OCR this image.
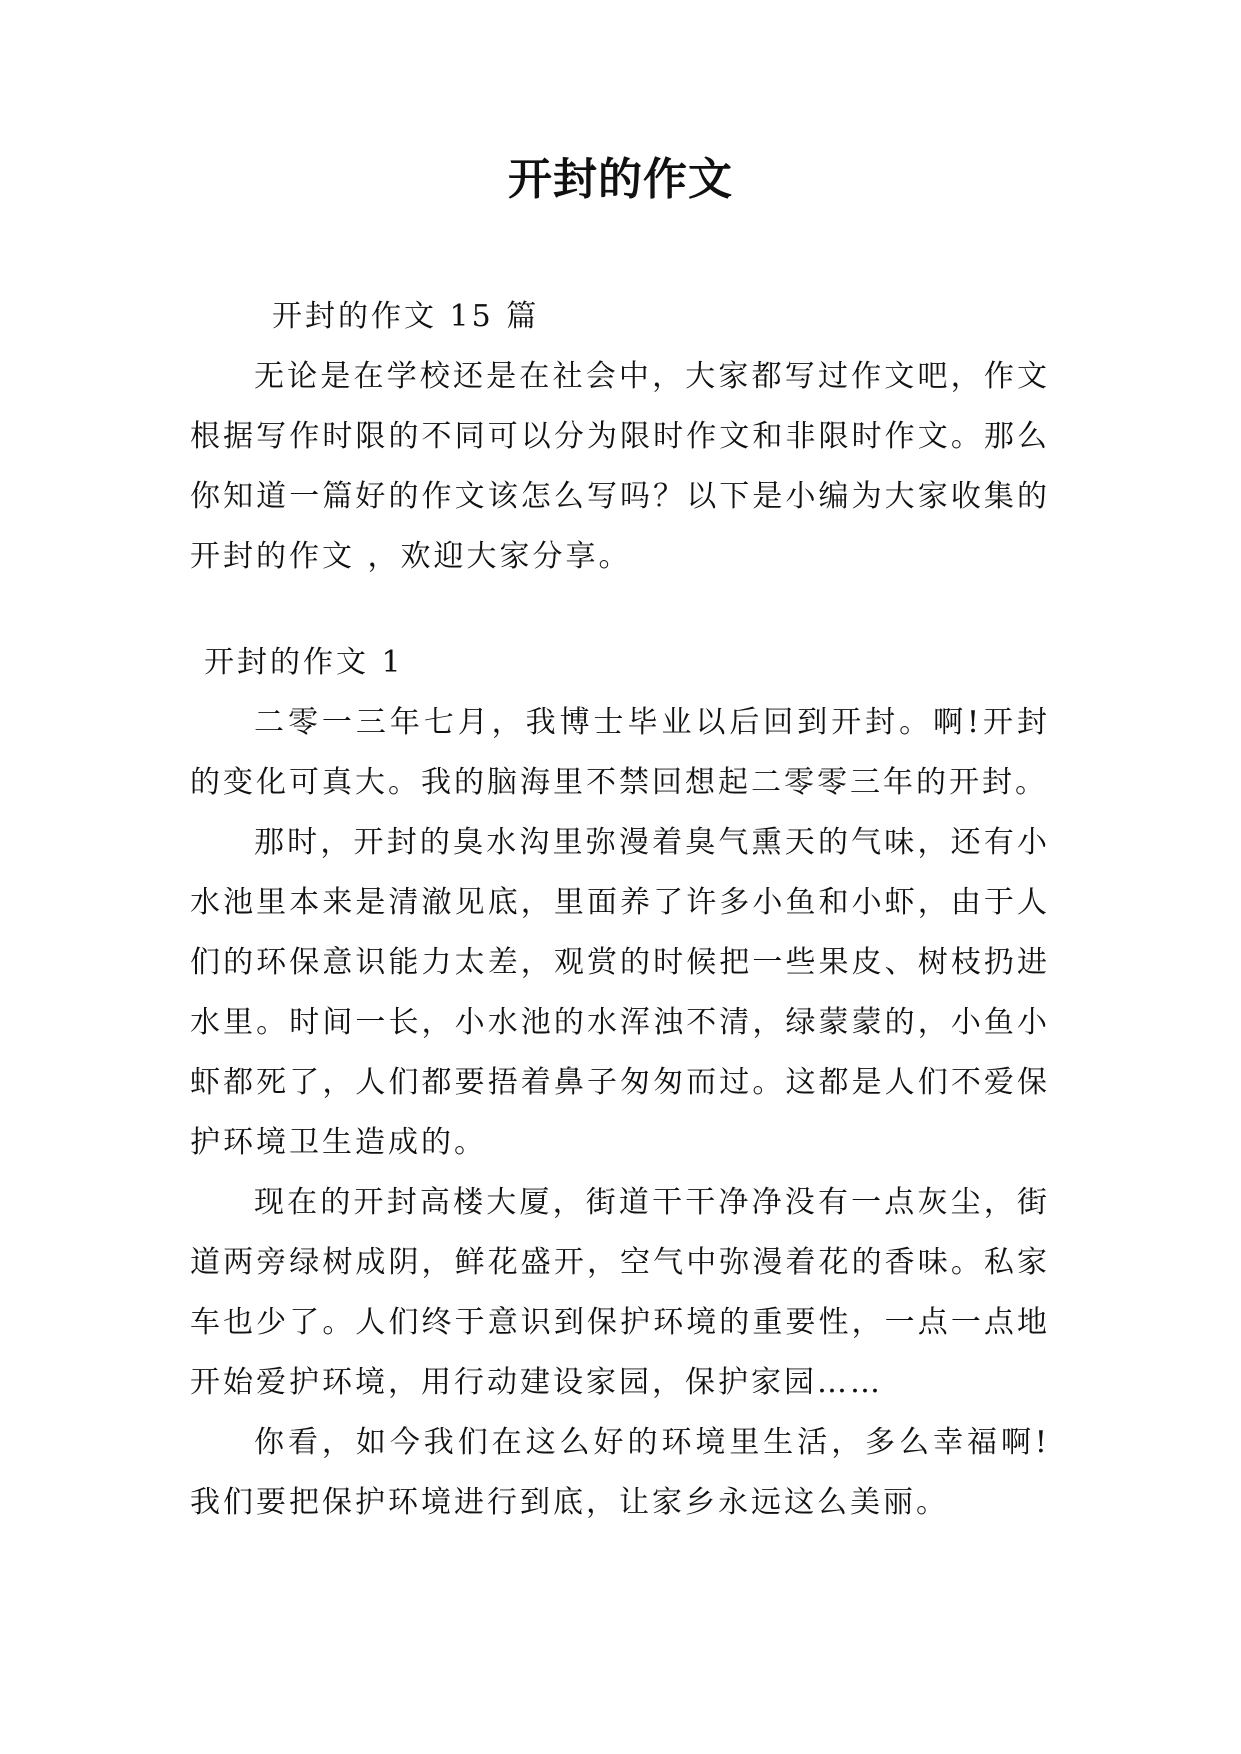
开封的作文

开封的作文 15 篇

无论是在学校还是在社会中，大家都写过作文吧，作文根据写作时限的不同可以分为限时作文和非限时作文。那么你知道一篇好的作文该怎么写吗？以下是小编为大家收集的 开封的作文 ，欢迎大家分享。

开封的作文 1

二零一三年七月，我博士毕业以后回到开封。啊!开封的变化可真大。我的脑海里不禁回想起二零零三年的开封。

那时，开封的臭水沟里弥漫着臭气熏天的气味，还有小水池里本来是清澈见底，里面养了许多小鱼和小虾，由于人们的环保意识能力太差，观赏的时候把一些果皮、树枝扔进水里。时间一长，小水池的水浑浊不清，绿蒙蒙的，小鱼小虾都死了，人们都要捂着鼻子匆匆而过。这都是人们不爱保护环境卫生造成的。

现在的开封高楼大厦，街道干干净净没有一点灰尘，街道两旁绿树成阴，鲜花盛开，空气中弥漫着花的香味。私家车也少了。人们终于意识到保护环境的重要性，一点一点地开始爱护环境，用行动建设家园，保护家园……

你看，如今我们在这么好的环境里生活，多么幸福啊!我们要把保护环境进行到底，让家乡永远这么美丽。
